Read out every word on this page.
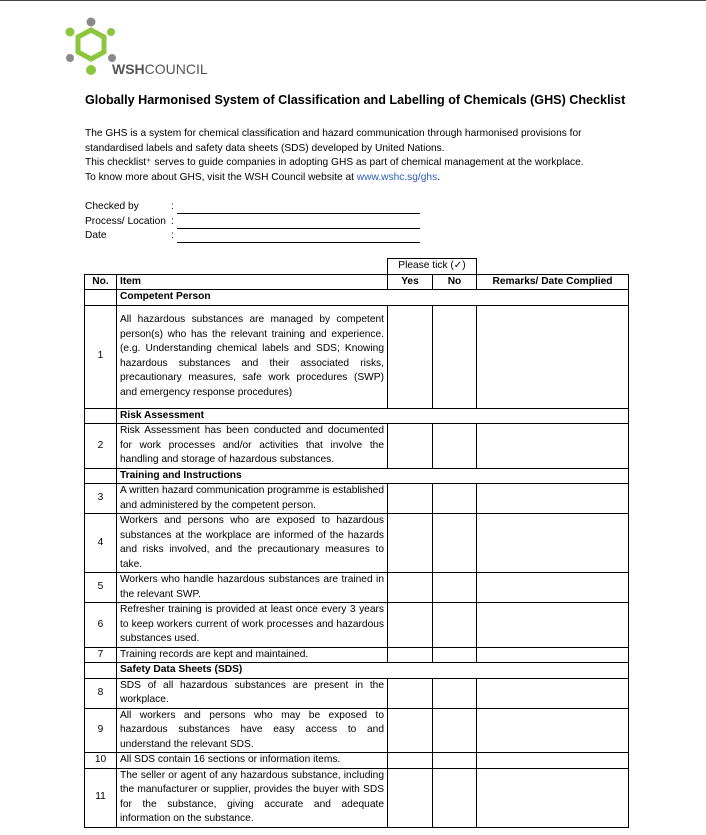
WSHCOUNCIL
Globally Harmonised System of Classification and Labelling of Chemicals (GHS) Checklist
The GHS is a system for chemical classification and hazard communication through harmonised provisions for
standardised labels and safety data sheets (SDS) developed by United Nations.
This checklist⁺ serves to guide companies in adopting GHS as part of chemical management at the workplace.
To know more about GHS, visit the WSH Council website at www.wshc.sg/ghs.
Checked by	:
Process/ Location :
Date	:
		Please tick (✓)		
No.	Item	Yes	No	Remarks/ Date Complied
	Competent Person			
1	All hazardous substances are managed by competent person(s) who has the relevant training and experience. (e.g. Understanding chemical labels and SDS; Knowing hazardous substances and their associated risks, precautionary measures, safe work procedures (SWP) and emergency response procedures)			
	Risk Assessment			
2	Risk Assessment has been conducted and documented for work processes and/or activities that involve the handling and storage of hazardous substances.			
	Training and Instructions			
3	A written hazard communication programme is established and administered by the competent person.			
4	Workers and persons who are exposed to hazardous substances at the workplace are informed of the hazards and risks involved, and the precautionary measures to take.			
5	Workers who handle hazardous substances are trained in the relevant SWP.			
6	Refresher training is provided at least once every 3 years to keep workers current of work processes and hazardous substances used.			
7	Training records are kept and maintained.			
	Safety Data Sheets (SDS)			
8	SDS of all hazardous substances are present in the workplace.			
9	All workers and persons who may be exposed to hazardous substances have easy access to and understand the relevant SDS.			
10	All SDS contain 16 sections or information items.			
11	The seller or agent of any hazardous substance, including the manufacturer or supplier, provides the buyer with SDS for the substance, giving accurate and adequate information on the substance.			
